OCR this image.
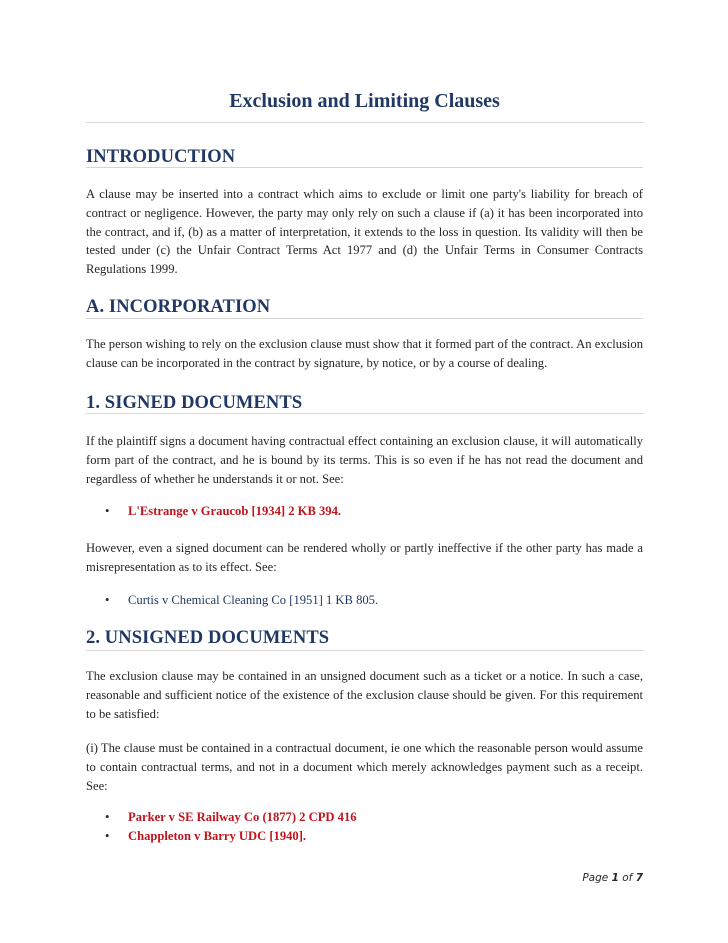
Exclusion and Limiting Clauses
INTRODUCTION
A clause may be inserted into a contract which aims to exclude or limit one party's liability for breach of contract or negligence. However, the party may only rely on such a clause if (a) it has been incorporated into the contract, and if, (b) as a matter of interpretation, it extends to the loss in question. Its validity will then be tested under (c) the Unfair Contract Terms Act 1977 and (d) the Unfair Terms in Consumer Contracts Regulations 1999.
A. INCORPORATION
The person wishing to rely on the exclusion clause must show that it formed part of the contract. An exclusion clause can be incorporated in the contract by signature, by notice, or by a course of dealing.
1. SIGNED DOCUMENTS
If the plaintiff signs a document having contractual effect containing an exclusion clause, it will automatically form part of the contract, and he is bound by its terms. This is so even if he has not read the document and regardless of whether he understands it or not. See:
• L'Estrange v Graucob [1934] 2 KB 394.
However, even a signed document can be rendered wholly or partly ineffective if the other party has made a misrepresentation as to its effect. See:
• Curtis v Chemical Cleaning Co [1951] 1 KB 805.
2. UNSIGNED DOCUMENTS
The exclusion clause may be contained in an unsigned document such as a ticket or a notice. In such a case, reasonable and sufficient notice of the existence of the exclusion clause should be given. For this requirement to be satisfied:
(i) The clause must be contained in a contractual document, ie one which the reasonable person would assume to contain contractual terms, and not in a document which merely acknowledges payment such as a receipt. See:
• Parker v SE Railway Co (1877) 2 CPD 416
• Chappleton v Barry UDC [1940].
Page 1 of 7
